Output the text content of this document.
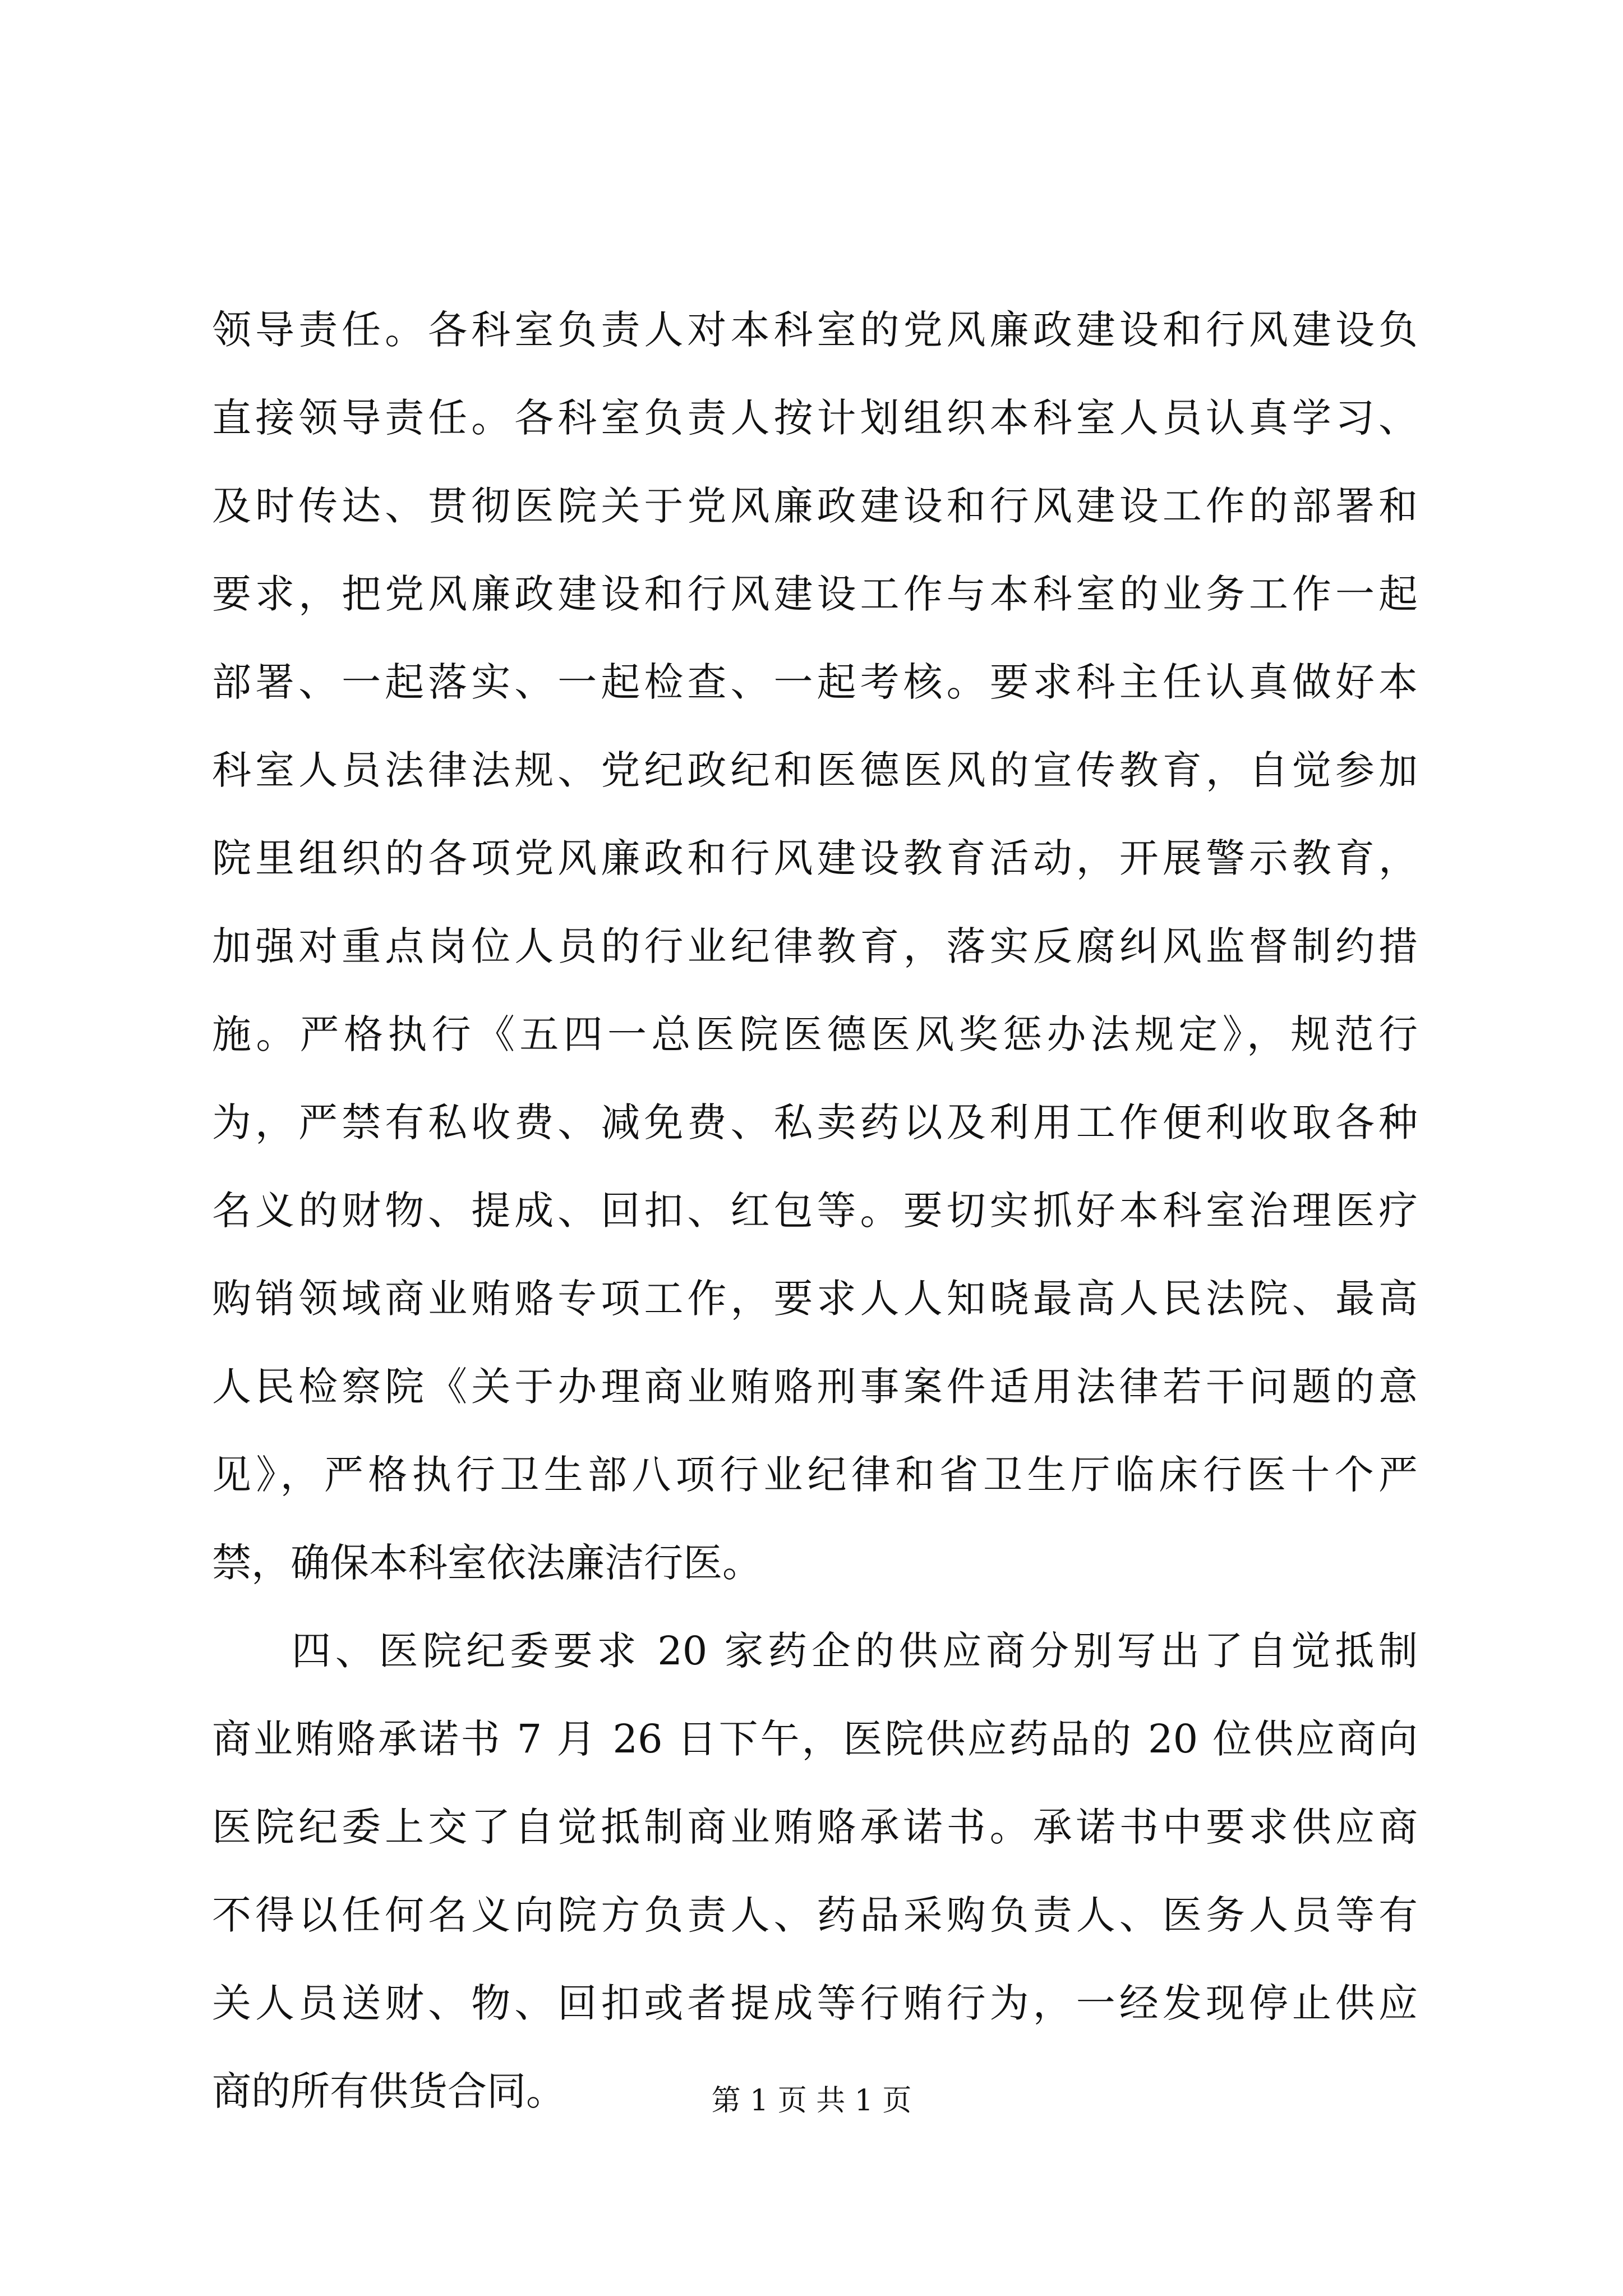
领导责任。各科室负责人对本科室的党风廉政建设和行风建设负
直接领导责任。各科室负责人按计划组织本科室人员认真学习、
及时传达、贯彻医院关于党风廉政建设和行风建设工作的部署和
要求，把党风廉政建设和行风建设工作与本科室的业务工作一起
部署、一起落实、一起检查、一起考核。要求科主任认真做好本
科室人员法律法规、党纪政纪和医德医风的宣传教育，自觉参加
院里组织的各项党风廉政和行风建设教育活动，开展警示教育，
加强对重点岗位人员的行业纪律教育，落实反腐纠风监督制约措
施。严格执行《五四一总医院医德医风奖惩办法规定》，规范行
为，严禁有私收费、减免费、私卖药以及利用工作便利收取各种
名义的财物、提成、回扣、红包等。要切实抓好本科室治理医疗
购销领域商业贿赂专项工作，要求人人知晓最高人民法院、最高
人民检察院《关于办理商业贿赂刑事案件适用法律若干问题的意
见》，严格执行卫生部八项行业纪律和省卫生厅临床行医十个严
禁，确保本科室依法廉洁行医。
四、医院纪委要求 20 家药企的供应商分别写出了自觉抵制
商业贿赂承诺书 7 月 26 日下午，医院供应药品的 20 位供应商向
医院纪委上交了自觉抵制商业贿赂承诺书。承诺书中要求供应商
不得以任何名义向院方负责人、药品采购负责人、医务人员等有
关人员送财、物、回扣或者提成等行贿行为，一经发现停止供应
商的所有供货合同。	第 1 页 共 1 页
